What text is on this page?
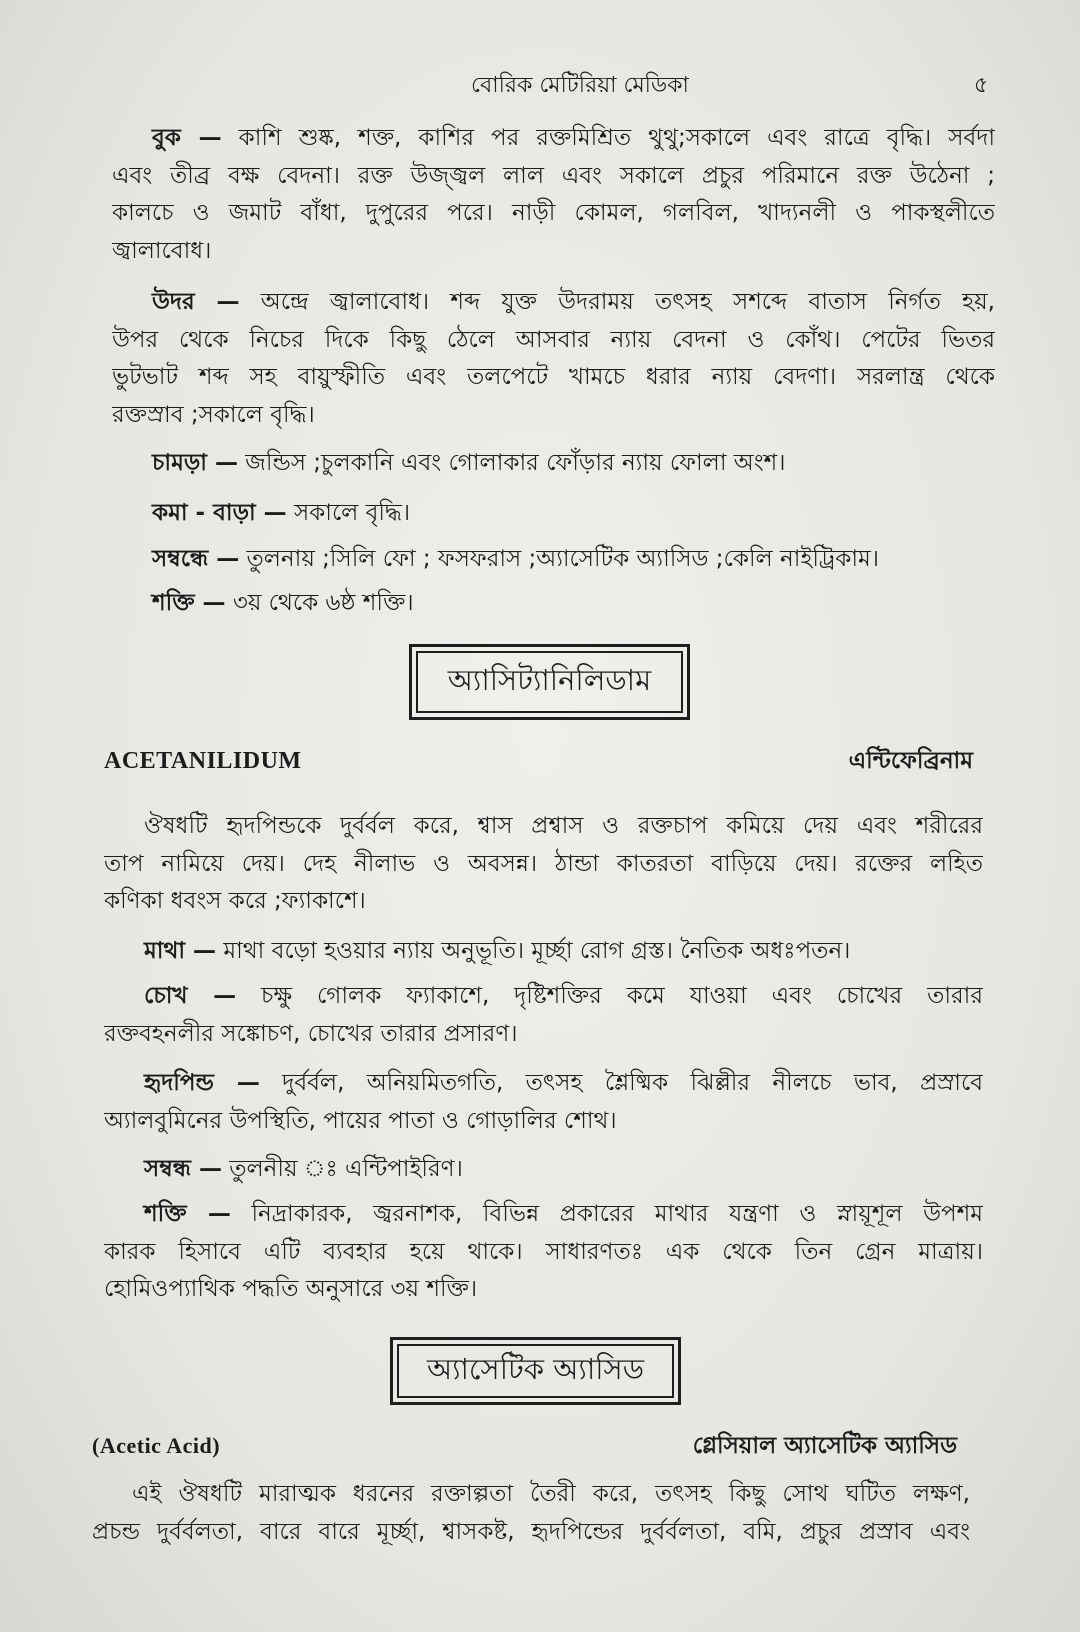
বোরিক মেটিরিয়া মেডিকা	৫
বুক — কাশি শুষ্ক, শক্ত, কাশির পর রক্তমিশ্রিত থুথু;সকালে এবং রাত্রে বৃদ্ধি। সর্বদা
এবং তীব্র বক্ষ বেদনা। রক্ত উজ্জ্বল লাল এবং সকালে প্রচুর পরিমানে রক্ত উঠেনা ;
কালচে ও জমাট বাঁধা, দুপুরের পরে। নাড়ী কোমল, গলবিল, খাদ্যনলী ও পাকস্থলীতে
জ্বালাবোধ।
উদর — অন্দ্রে জ্বালাবোধ। শব্দ যুক্ত উদরাময় তৎসহ সশব্দে বাতাস নির্গত হয়,
উপর থেকে নিচের দিকে কিছু ঠেলে আসবার ন্যায় বেদনা ও কোঁথ। পেটের ভিতর
ভুটভাট শব্দ সহ বায়ুস্ফীতি এবং তলপেটে খামচে ধরার ন্যায় বেদণা। সরলান্ত্র থেকে
রক্তস্রাব ;সকালে বৃদ্ধি।
চামড়া — জন্ডিস ;চুলকানি এবং গোলাকার ফোঁড়ার ন্যায় ফোলা অংশ।
কমা - বাড়া — সকালে বৃদ্ধি।
সম্বন্ধে — তুলনায় ;সিলি ফো ; ফসফরাস ;অ্যাসেটিক অ্যাসিড ;কেলি নাইট্রিকাম।
শক্তি — ৩য় থেকে ৬ষ্ঠ শক্তি।
অ্যাসিট্যানিলিডাম
ACETANILIDUM	এন্টিফেব্রিনাম
ঔষধটি হৃদপিন্ডকে দুর্বর্বল করে, শ্বাস প্রশ্বাস ও রক্তচাপ কমিয়ে দেয় এবং শরীরের
তাপ নামিয়ে দেয়। দেহ নীলাভ ও অবসন্ন। ঠান্ডা কাতরতা বাড়িয়ে দেয়। রক্তের লহিত
কণিকা ধবংস করে ;ফ্যাকাশে।
মাথা — মাথা বড়ো হওয়ার ন্যায় অনুভূতি। মূর্চ্ছা রোগ গ্রস্ত। নৈতিক অধঃপতন।
চোখ — চক্ষু গোলক ফ্যাকাশে, দৃষ্টিশক্তির কমে যাওয়া এবং চোখের তারার
রক্তবহনলীর সঙ্কোচণ, চোখের তারার প্রসারণ।
হৃদপিন্ড — দুর্বর্বল, অনিয়মিতগতি, তৎসহ শ্লৈষ্মিক ঝিল্লীর নীলচে ভাব, প্রস্রাবে
অ্যালবুমিনের উপস্থিতি, পায়ের পাতা ও গোড়ালির শোথ।
সম্বন্ধ — তুলনীয় ঃ এন্টিপাইরিণ।
শক্তি — নিদ্রাকারক, জ্বরনাশক, বিভিন্ন প্রকারের মাথার যন্ত্রণা ও স্নায়ূশূল উপশম
কারক হিসাবে এটি ব্যবহার হয়ে থাকে। সাধারণতঃ এক থেকে তিন গ্রেন মাত্রায়।
হোমিওপ্যাথিক পদ্ধতি অনুসারে ৩য় শক্তি।
অ্যাসেটিক অ্যাসিড
(Acetic Acid)	গ্লেসিয়াল অ্যাসেটিক অ্যাসিড
এই ঔষধটি মারাত্মক ধরনের রক্তাল্পতা তৈরী করে, তৎসহ কিছু সোথ ঘটিত লক্ষণ,
প্রচন্ড দুর্বর্বলতা, বারে বারে মূর্চ্ছা, শ্বাসকষ্ট, হৃদপিন্ডের দুর্বর্বলতা, বমি, প্রচুর প্রস্রাব এবং
